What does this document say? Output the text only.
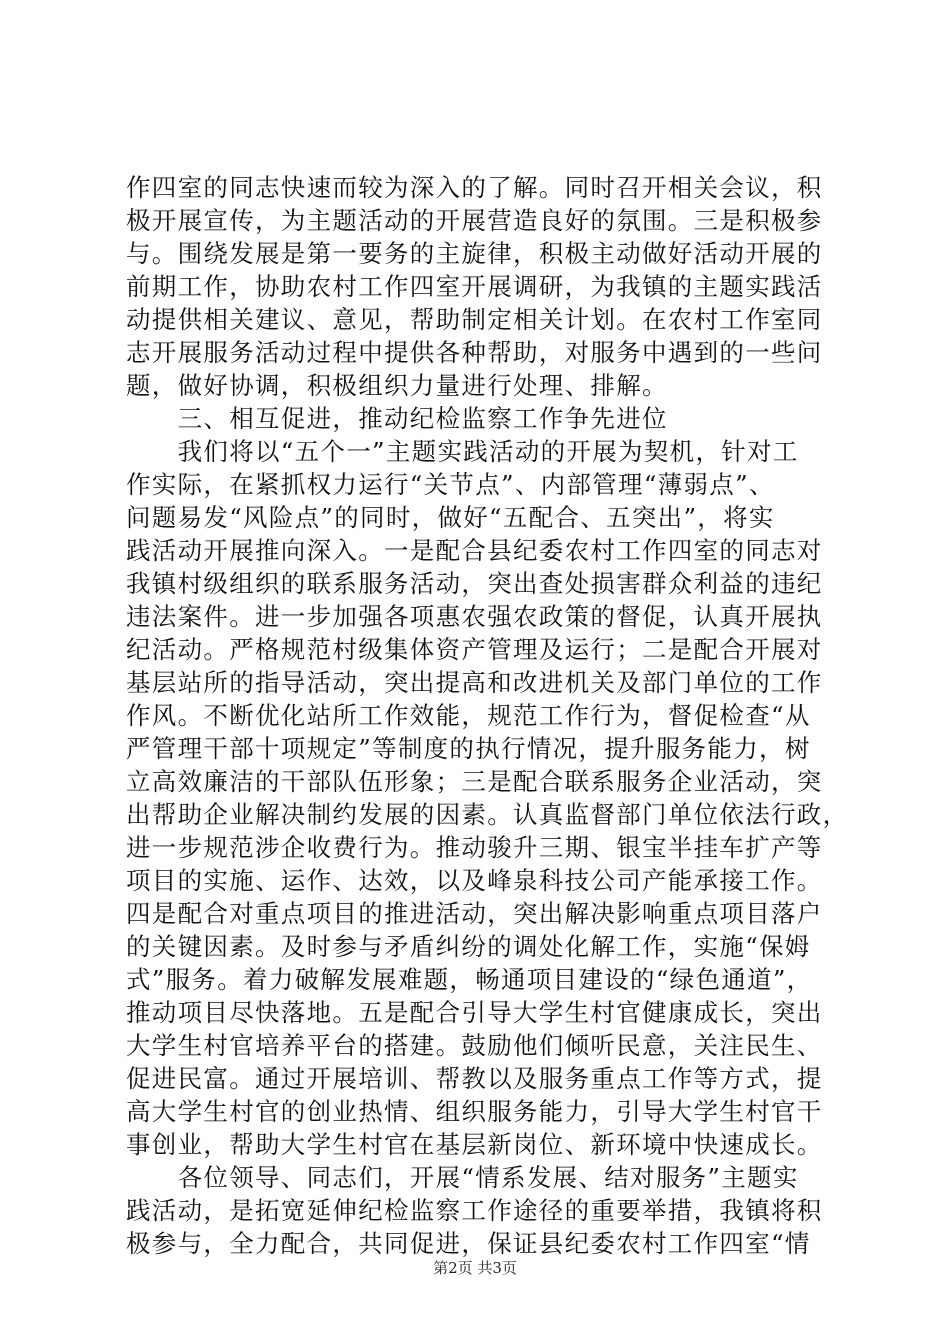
作四室的同志快速而较为深入的了解。同时召开相关会议，积
极开展宣传，为主题活动的开展营造良好的氛围。三是积极参
与。围绕发展是第一要务的主旋律，积极主动做好活动开展的
前期工作，协助农村工作四室开展调研，为我镇的主题实践活
动提供相关建议、意见，帮助制定相关计划。在农村工作室同
志开展服务活动过程中提供各种帮助，对服务中遇到的一些问
题，做好协调，积极组织力量进行处理、排解。
　　三、相互促进，推动纪检监察工作争先进位
　　我们将以“五个一”主题实践活动的开展为契机，针对工
作实际，在紧抓权力运行“关节点”、内部管理“薄弱点”、
问题易发“风险点”的同时，做好“五配合、五突出”，将实
践活动开展推向深入。一是配合县纪委农村工作四室的同志对
我镇村级组织的联系服务活动，突出查处损害群众利益的违纪
违法案件。进一步加强各项惠农强农政策的督促，认真开展执
纪活动。严格规范村级集体资产管理及运行；二是配合开展对
基层站所的指导活动，突出提高和改进机关及部门单位的工作
作风。不断优化站所工作效能，规范工作行为，督促检查“从
严管理干部十项规定”等制度的执行情况，提升服务能力，树
立高效廉洁的干部队伍形象；三是配合联系服务企业活动，突
出帮助企业解决制约发展的因素。认真监督部门单位依法行政，
进一步规范涉企收费行为。推动骏升三期、银宝半挂车扩产等
项目的实施、运作、达效，以及峰泉科技公司产能承接工作。
四是配合对重点项目的推进活动，突出解决影响重点项目落户
的关键因素。及时参与矛盾纠纷的调处化解工作，实施“保姆
式”服务。着力破解发展难题，畅通项目建设的“绿色通道”，
推动项目尽快落地。五是配合引导大学生村官健康成长，突出
大学生村官培养平台的搭建。鼓励他们倾听民意，关注民生、
促进民富。通过开展培训、帮教以及服务重点工作等方式，提
高大学生村官的创业热情、组织服务能力，引导大学生村官干
事创业，帮助大学生村官在基层新岗位、新环境中快速成长。
　　各位领导、同志们，开展“情系发展、结对服务”主题实
践活动，是拓宽延伸纪检监察工作途径的重要举措，我镇将积
极参与，全力配合，共同促进，保证县纪委农村工作四室“情
第2页 共3页
